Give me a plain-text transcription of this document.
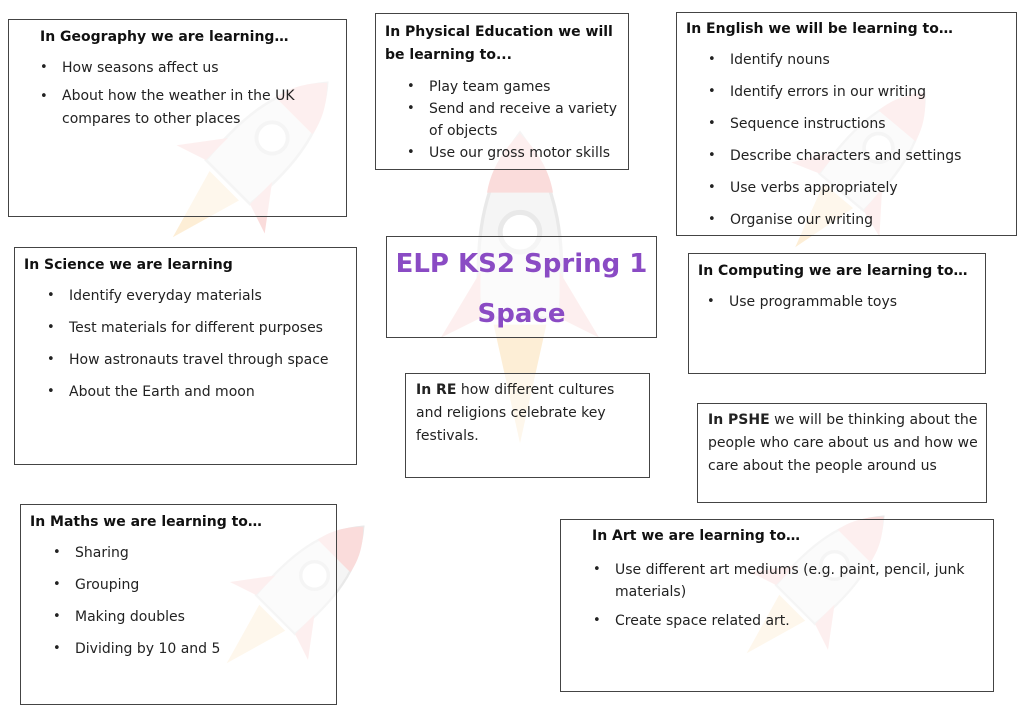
In Geography we are learning…
• How seasons affect us
• About how the weather in the UK compares to other places
In Physical Education we will be learning to...
• Play team games
• Send and receive a variety of objects
• Use our gross motor skills
In English we will be learning to…
• Identify nouns
• Identify errors in our writing
• Sequence instructions
• Describe characters and settings
• Use verbs appropriately
• Organise our writing
In Science we are learning
• Identify everyday materials
• Test materials for different purposes
• How astronauts travel through space
• About the Earth and moon
ELP KS2 Spring 1
Space
In Computing we are learning to…
• Use programmable toys
In RE how different cultures and religions celebrate key festivals.
In PSHE we will be thinking about the people who care about us and how we care about the people around us
In Maths we are learning to…
• Sharing
• Grouping
• Making doubles
• Dividing by 10 and 5
In Art we are learning to…
• Use different art mediums (e.g. paint, pencil, junk materials)
• Create space related art.
